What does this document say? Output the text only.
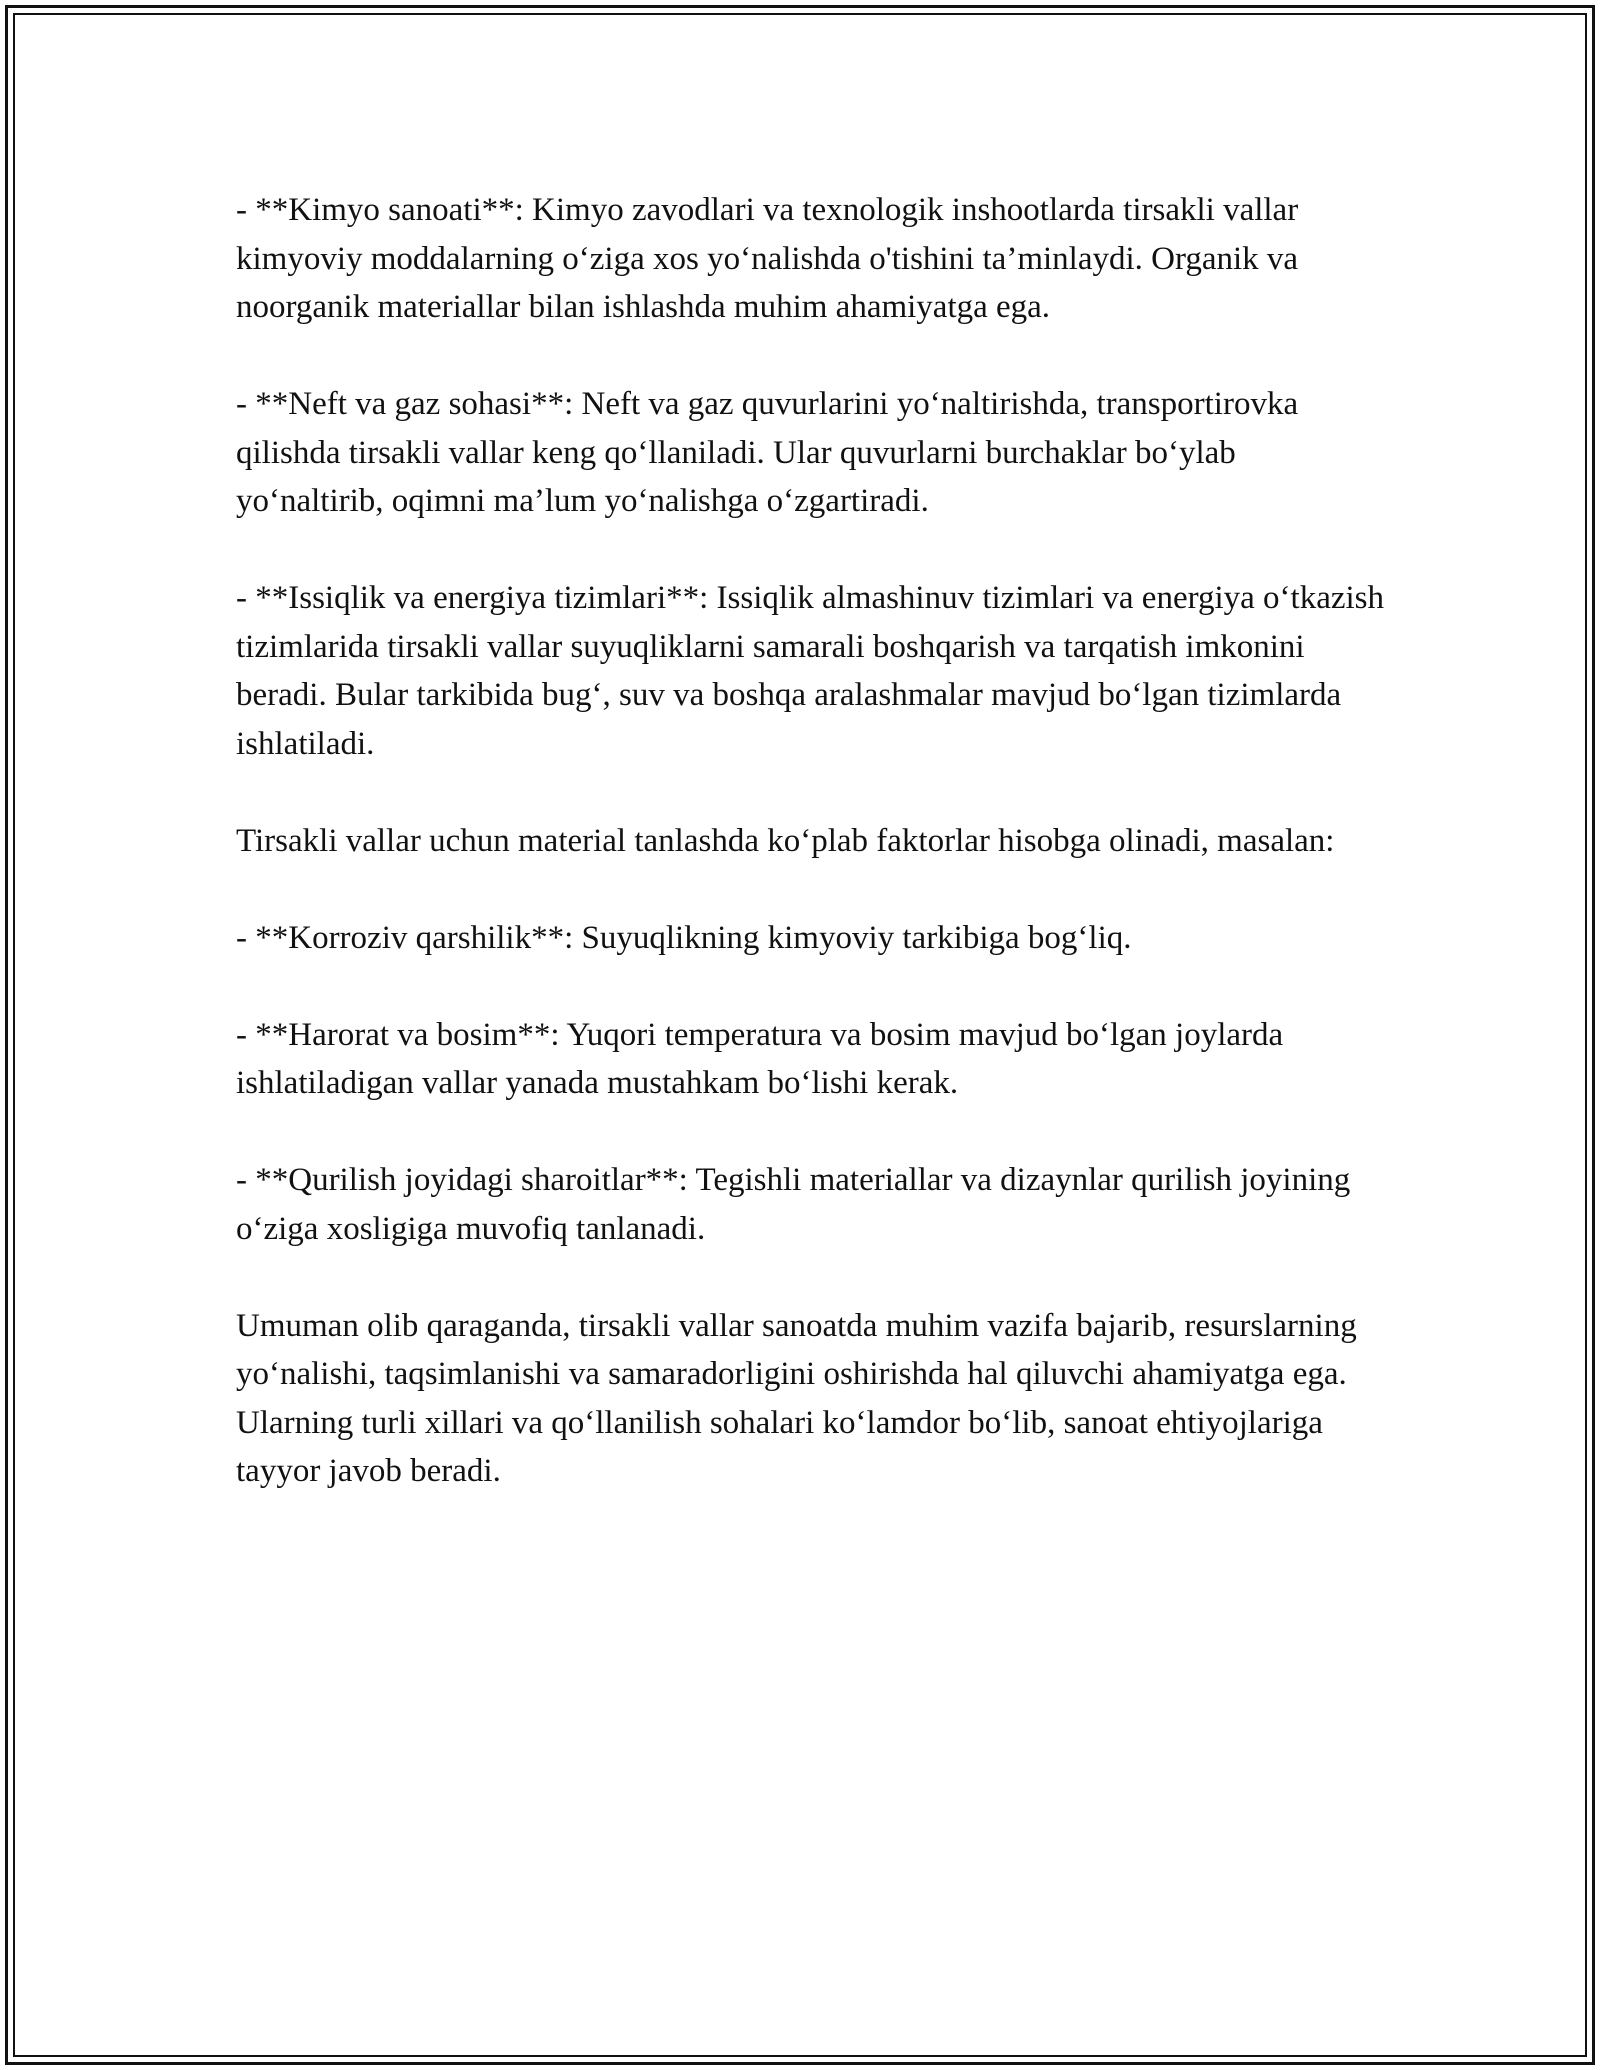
- **Kimyo sanoati**: Kimyo zavodlari va texnologik inshootlarda tirsakli vallar kimyoviy moddalarning o‘ziga xos yo‘nalishda o'tishini ta’minlaydi. Organik va noorganik materiallar bilan ishlashda muhim ahamiyatga ega.

- **Neft va gaz sohasi**: Neft va gaz quvurlarini yo‘naltirishda, transportirovka qilishda tirsakli vallar keng qo‘llaniladi. Ular quvurlarni burchaklar bo‘ylab yo‘naltirib, oqimni ma’lum yo‘nalishga o‘zgartiradi.

- **Issiqlik va energiya tizimlari**: Issiqlik almashinuv tizimlari va energiya o‘tkazish tizimlarida tirsakli vallar suyuqliklarni samarali boshqarish va tarqatish imkonini beradi. Bular tarkibida bug‘, suv va boshqa aralashmalar mavjud bo‘lgan tizimlarda ishlatiladi.

Tirsakli vallar uchun material tanlashda ko‘plab faktorlar hisobga olinadi, masalan:

- **Korroziv qarshilik**: Suyuqlikning kimyoviy tarkibiga bog‘liq.

- **Harorat va bosim**: Yuqori temperatura va bosim mavjud bo‘lgan joylarda ishlatiladigan vallar yanada mustahkam bo‘lishi kerak.

- **Qurilish joyidagi sharoitlar**: Tegishli materiallar va dizaynlar qurilish joyining o‘ziga xosligiga muvofiq tanlanadi.

Umuman olib qaraganda, tirsakli vallar sanoatda muhim vazifa bajarib, resurslarning yo‘nalishi, taqsimlanishi va samaradorligini oshirishda hal qiluvchi ahamiyatga ega. Ularning turli xillari va qo‘llanilish sohalari ko‘lamdor bo‘lib, sanoat ehtiyojlariga tayyor javob beradi.
